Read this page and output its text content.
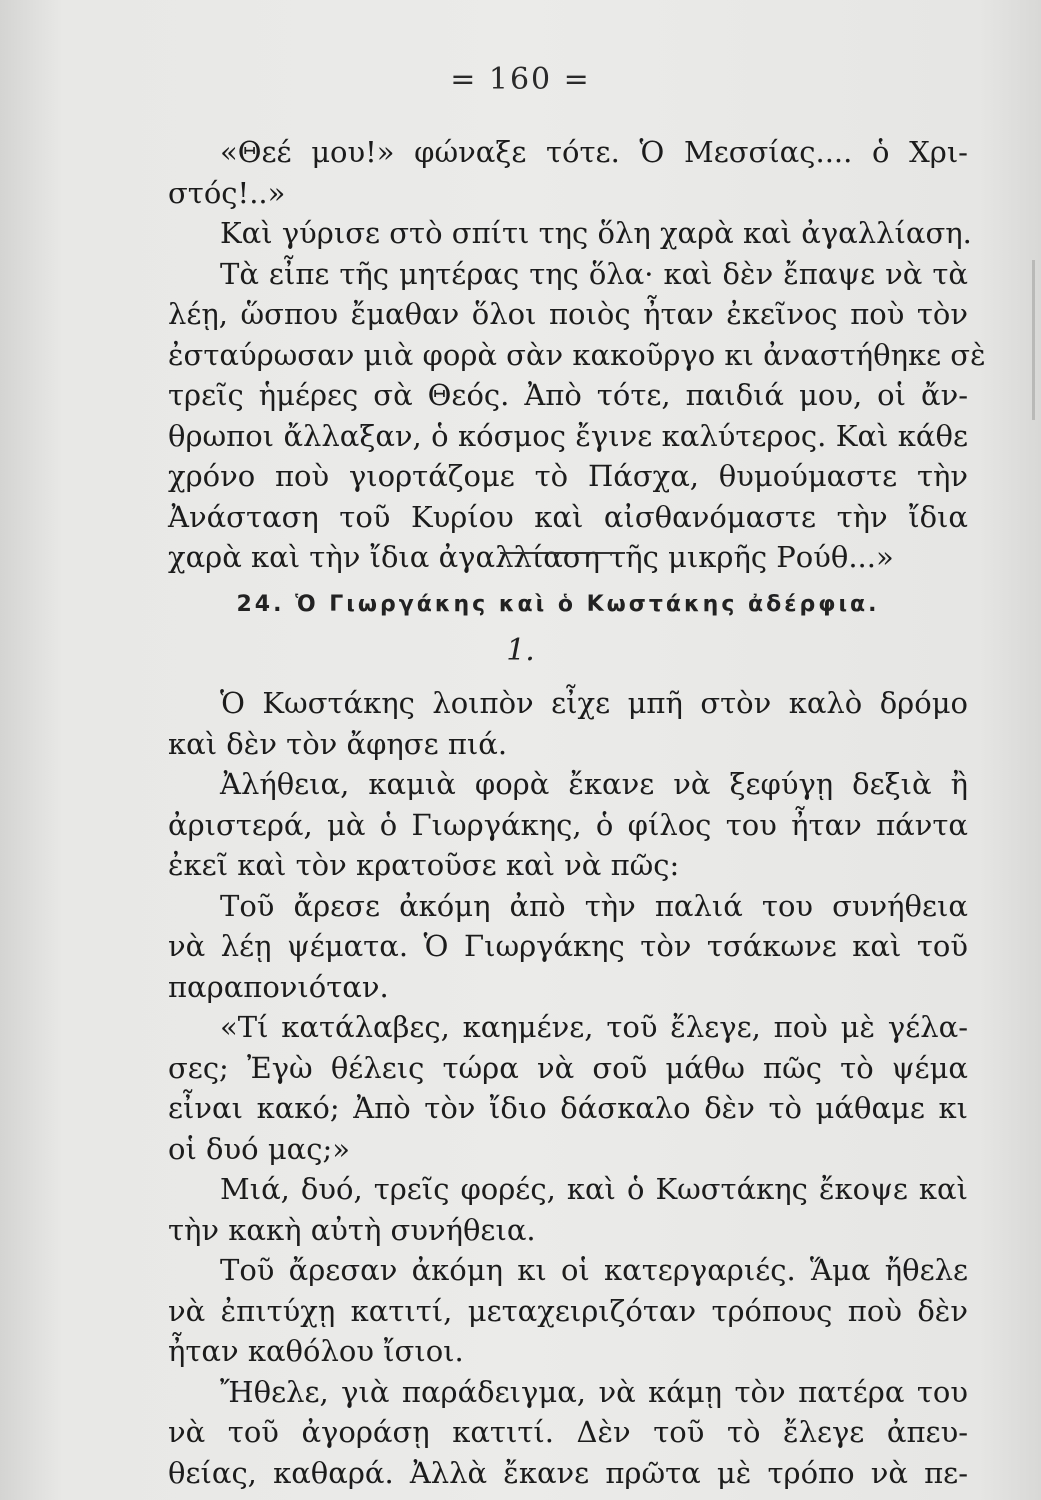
= 160 =
«Θεέ μου!» φώναξε τότε. Ὁ Μεσσίας.... ὁ Χρι-
στός!..»
Καὶ γύρισε στὸ σπίτι της ὅλη χαρὰ καὶ ἀγαλλίαση.
Τὰ εἶπε τῆς μητέρας της ὅλα· καὶ δὲν ἔπαψε νὰ τὰ
λέῃ, ὥσπου ἔμαθαν ὅλοι ποιὸς ἦταν ἐκεῖνος ποὺ τὸν
ἐσταύρωσαν μιὰ φορὰ σὰν κακοῦργο κι ἀναστήθηκε σὲ
τρεῖς ἡμέρες σὰ Θεός. Ἀπὸ τότε, παιδιά μου, οἱ ἄν-
θρωποι ἄλλαξαν, ὁ κόσμος ἔγινε καλύτερος. Καὶ κάθε
χρόνο ποὺ γιορτάζομε τὸ Πάσχα, θυμούμαστε τὴν
Ἀνάσταση τοῦ Κυρίου καὶ αἰσθανόμαστε τὴν ἴδια
χαρὰ καὶ τὴν ἴδια ἀγαλλίαση τῆς μικρῆς Ρούθ...»
24. Ὁ Γιωργάκης καὶ ὁ Κωστάκης ἀδέρφια.
1.
Ὁ Κωστάκης λοιπὸν εἶχε μπῆ στὸν καλὸ δρόμο
καὶ δὲν τὸν ἄφησε πιά.
Ἀλήθεια, καμιὰ φορὰ ἔκανε νὰ ξεφύγῃ δεξιὰ ἢ
ἀριστερά, μὰ ὁ Γιωργάκης, ὁ φίλος του ἦταν πάντα
ἐκεῖ καὶ τὸν κρατοῦσε καὶ νὰ πῶς:
Τοῦ ἄρεσε ἀκόμη ἀπὸ τὴν παλιά του συνήθεια
νὰ λέῃ ψέματα. Ὁ Γιωργάκης τὸν τσάκωνε καὶ τοῦ
παραπονιόταν.
«Τί κατάλαβες, καημένε, τοῦ ἔλεγε, ποὺ μὲ γέλα-
σες; Ἐγὼ θέλεις τώρα νὰ σοῦ μάθω πῶς τὸ ψέμα
εἶναι κακό; Ἀπὸ τὸν ἴδιο δάσκαλο δὲν τὸ μάθαμε κι
οἱ δυό μας;»
Μιά, δυό, τρεῖς φορές, καὶ ὁ Κωστάκης ἔκοψε καὶ
τὴν κακὴ αὐτὴ συνήθεια.
Τοῦ ἄρεσαν ἀκόμη κι οἱ κατεργαριές. Ἅμα ἤθελε
νὰ ἐπιτύχῃ κατιτί, μεταχειριζόταν τρόπους ποὺ δὲν
ἦταν καθόλου ἴσιοι.
Ἤθελε, γιὰ παράδειγμα, νὰ κάμῃ τὸν πατέρα του
νὰ τοῦ ἀγοράσῃ κατιτί. Δὲν τοῦ τὸ ἔλεγε ἀπευ-
θείας, καθαρά. Ἀλλὰ ἔκανε πρῶτα μὲ τρόπο νὰ πε-
